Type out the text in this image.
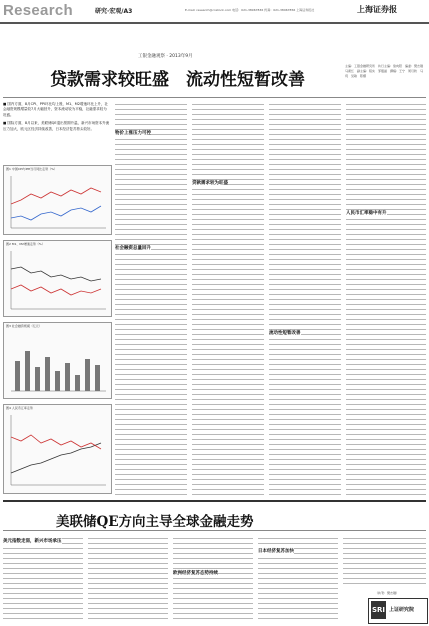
Research	研究·宏观/A3	E-mail: research@cnstock.com 电话：021-38967836 传真：021-38967856 上海证券报社	上海证券报
工银金融观察 · 2013年9月
贷款需求较旺盛　流动性短暂改善
主编：工银金融研究所　执行主编：詹向阳　编委：樊志刚　马素红　副主编：程实　邹蕴涵　撰稿：王宁　周月秋　马玥　吴敏　陈娜

■ 国内方面，8月CPI、PPI环比均上涨，M1、M2增速环比上升，社会融资规模增量较7月大幅回升，资本流动较为平稳，社融需求较为旺盛。

■ 国际方面，8月以来，美联储QE退出预期升温，新兴市场资本外流压力加大，欧元区经济持续改善，日本经济复苏势头较好。

物价上涨压力可控
社会融资总量回升
贷款需求较为旺盛
流动性短暂改善
人民币汇率稳中有升
图1 中国CPI与PPI当月同比走势（%）
图2 M1、M2增速走势（%）
图3 社会融资规模（亿元）
图4 人民币汇率走势
美联储QE方向主导全球金融走势
美元指数走弱，新兴市场承压
欧洲经济复苏态势持续
日本经济复苏加快
（执笔：樊志刚）
SRI 上证研究院
